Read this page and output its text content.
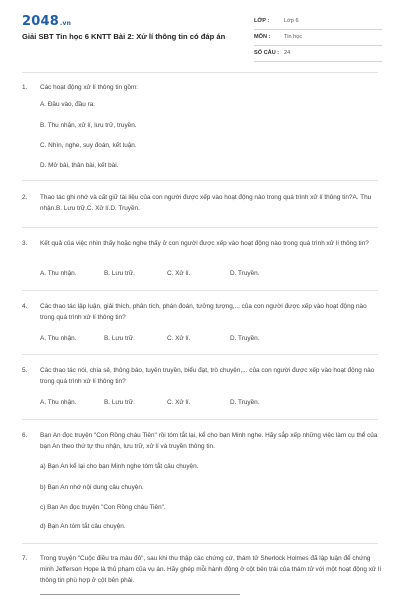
2048.vn
Giải SBT Tin học 6 KNTT Bài 2: Xử lí thông tin có đáp án
LỚP :	Lớp 6
MÔN : Tin học
SỐ CÂU : 24
1. Các hoạt động xử lí thông tin gồm:
A. Đầu vào, đầu ra.
B. Thu nhận, xử lí, lưu trữ, truyền.
C. Nhìn, nghe, suy đoán, kết luận.
D. Mở bài, thân bài, kết bài.
2. Thao tác ghi nhớ và cất giữ tài liệu của con người được xếp vào hoạt động nào trong quá trình xử lí thông tin?A. Thu nhận.B. Lưu trữ.C. Xử lí.D. Truyền.
3. Kết quả của việc nhìn thấy hoặc nghe thấy ở con người được xếp vào hoạt động nào trong quá trình xử lí thông tin?
A. Thu nhận.	B. Lưu trữ.	C. Xử lí.	D. Truyền.
4. Các thao tác lập luận, giải thích, phân tích, phán đoán, tưởng tượng,... của con người được xếp vào hoạt động nào trong quá trình xử lí thông tin?
A. Thu nhận.	B. Lưu trữ.	C. Xử lí.	D. Truyền.
5. Các thao tác nói, chia sẻ, thông báo, tuyên truyền, biểu đạt, trò chuyện,... của con người được xếp vào hoạt động nào trong quá trình xử lí thông tin?
A. Thu nhận.	B. Lưu trữ.	C. Xử lí.	D. Truyền.
6. Bạn An đọc truyện "Con Rồng cháu Tiên" rồi tóm tắt lại, kể cho bạn Minh nghe. Hãy sắp xếp những việc làm cụ thể của bạn An theo thứ tự thu nhận, lưu trữ, xử lí và truyền thông tin.
a) Bạn An kể lại cho bạn Minh nghe tóm tắt câu chuyện.
b) Bạn An nhớ nội dung câu chuyện.
c) Bạn An đọc truyện "Con Rồng cháu Tiên".
d) Bạn An tóm tắt câu chuyện.
7. Trong truyện "Cuộc điều tra màu đỏ", sau khi thu thập các chứng cứ, thám tử Sherlock Holmes đã lập luận để chứng minh Jefferson Hope là thủ phạm của vụ án. Hãy ghép mỗi hành động ở cột bên trái của thám tử với một hoạt động xử lí thông tin phù hợp ở cột bên phải.
